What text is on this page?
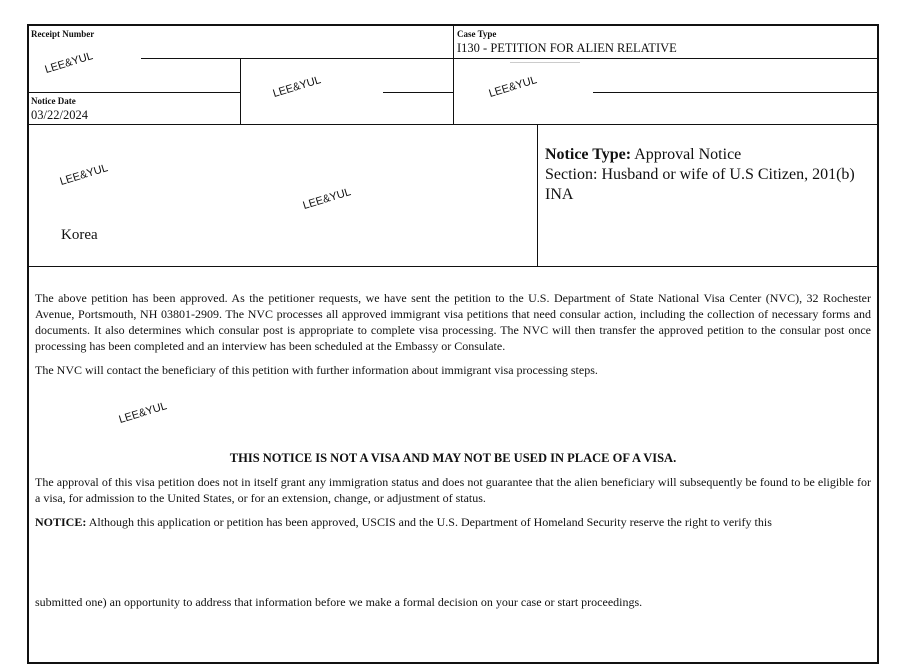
Receipt Number	Case Type
I130 - PETITION FOR ALIEN RELATIVE
Notice Date
03/22/2024
LEE&YUL
LEE&YUL	LEE&YUL
LEE&YUL
LEE&YUL
LEE&YUL
Notice Type: Approval Notice
Section: Husband or wife of U.S Citizen, 201(b) INA
Korea

The above petition has been approved. As the petitioner requests, we have sent the petition to the U.S. Department of State National Visa Center (NVC), 32 Rochester Avenue, Portsmouth, NH 03801-2909. The NVC processes all approved immigrant visa petitions that need consular action, including the collection of necessary forms and documents. It also determines which consular post is appropriate to complete visa processing. The NVC will then transfer the approved petition to the consular post once processing has been completed and an interview has been scheduled at the Embassy or Consulate.

The NVC will contact the beneficiary of this petition with further information about immigrant visa processing steps.

THIS NOTICE IS NOT A VISA AND MAY NOT BE USED IN PLACE OF A VISA.

The approval of this visa petition does not in itself grant any immigration status and does not guarantee that the alien beneficiary will subsequently be found to be eligible for a visa, for admission to the United States, or for an extension, change, or adjustment of status.

NOTICE: Although this application or petition has been approved, USCIS and the U.S. Department of Homeland Security reserve the right to verify this

submitted one) an opportunity to address that information before we make a formal decision on your case or start proceedings.
